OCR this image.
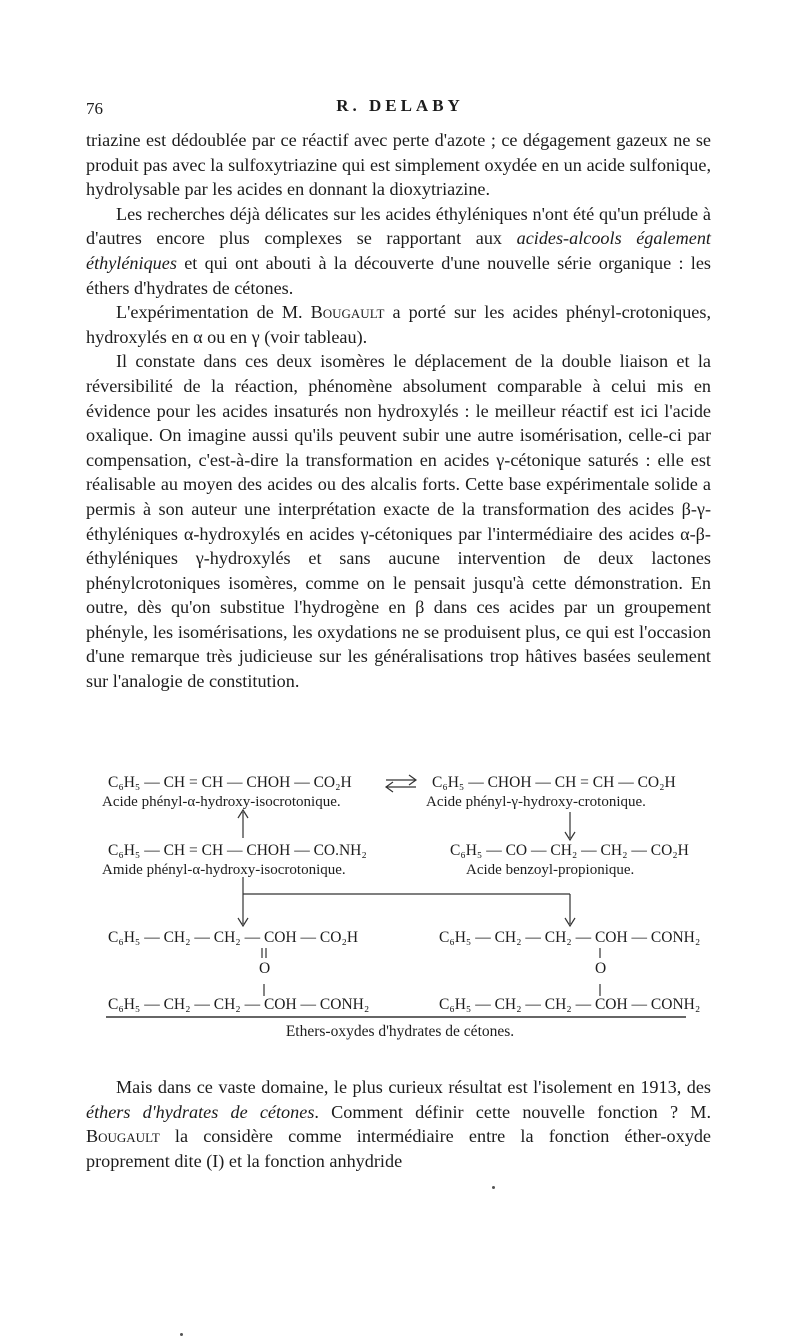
76	R. DELABY

triazine est dédoublée par ce réactif avec perte d'azote ; ce dégagement gazeux ne se produit pas avec la sulfoxytriazine qui est simplement oxydée en un acide sulfonique, hydrolysable par les acides en donnant la dioxytriazine.

Les recherches déjà délicates sur les acides éthyléniques n'ont été qu'un prélude à d'autres encore plus complexes se rapportant aux acides-alcools également éthyléniques et qui ont abouti à la découverte d'une nouvelle série organique : les éthers d'hydrates de cétones.

L'expérimentation de M. Bougault a porté sur les acides phényl-crotoniques, hydroxylés en α ou en γ (voir tableau).

Il constate dans ces deux isomères le déplacement de la double liaison et la réversibilité de la réaction, phénomène absolument comparable à celui mis en évidence pour les acides insaturés non hydroxylés : le meilleur réactif est ici l'acide oxalique. On imagine aussi qu'ils peuvent subir une autre isomérisation, celle-ci par compensation, c'est-à-dire la transformation en acides γ-cétonique saturés : elle est réalisable au moyen des acides ou des alcalis forts. Cette base expérimentale solide a permis à son auteur une interprétation exacte de la transformation des acides β-γ-éthyléniques α-hydroxylés en acides γ-cétoniques par l'intermédiaire des acides α-β-éthyléniques γ-hydroxylés et sans aucune intervention de deux lactones phénylcrotoniques isomères, comme on le pensait jusqu'à cette démonstration. En outre, dès qu'on substitue l'hydrogène en β dans ces acides par un groupement phényle, les isomérisations, les oxydations ne se produisent plus, ce qui est l'occasion d'une remarque très judicieuse sur les généralisations trop hâtives basées seulement sur l'analogie de constitution.

C₆H₅ — CH = CH — CHOH — CO₂H
Acide phényl-α-hydroxy-isocrotonique.
C₆H₅ — CHOH — CH = CH — CO₂H
Acide phényl-γ-hydroxy-crotonique.
C₆H₅ — CH = CH — CHOH — CO.NH₂
Amide phényl-α-hydroxy-isocrotonique.
C₆H₅ — CO — CH₂ — CH₂ — CO₂H
Acide benzoyl-propionique.
C₆H₅ — CH₂ — CH₂ — COH — CO₂H
O
C₆H₅ — CH₂ — CH₂ — COH — CONH₂
C₆H₅ — CH₂ — CH₂ — COH — CONH₂
O
C₆H₅ — CH₂ — CH₂ — COH — CONH₂
Ethers-oxydes d'hydrates de cétones.

Mais dans ce vaste domaine, le plus curieux résultat est l'isolement en 1913, des éthers d'hydrates de cétones. Comment définir cette nouvelle fonction ? M. Bougault la considère comme intermédiaire entre la fonction éther-oxyde proprement dite (I) et la fonction anhydride
